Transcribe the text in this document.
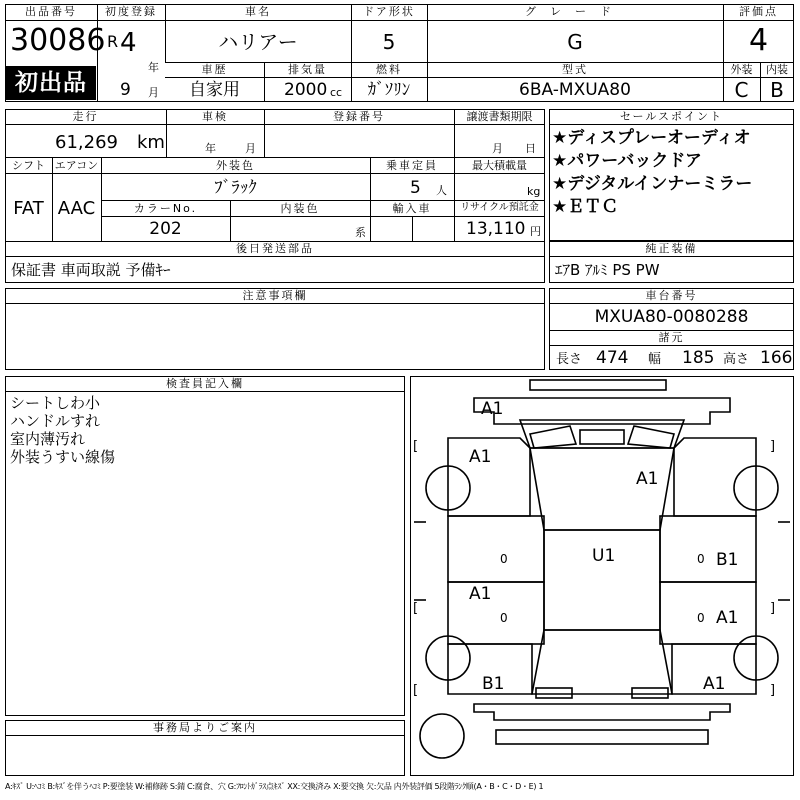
出品番号
30086
初出品
初度登録
R 4
年
9 月
車名
ハリアー
ドア形状
5
グレード
G
評価点
4
車歴
自家用
排気量
2000 cc
燃料
ｶﾞｿﾘﾝ
型式
6BA-MXUA80
外装
C
内装
B
走行
61,269 km
車検
年	月
登録番号	譲渡書類期限
月 日
シフト
FAT
エアコン
AAC
外装色
ﾌﾞﾗｯｸ
乗車定員
5 人
最大積載量
kg
カラーNo.
202
内装色
系
輸入車	リサイクル預託金
13,110 円
後日発送部品
保証書 車両取説 予備ｷｰ
セールスポイント
★ディスプレーオーディオ
★パワーバックドア
★デジタルインナーミラー
★ＥＴＣ
純正装備
ｴｱB ｱﾙﾐ PS PW
注意事項欄	車台番号
MXUA80-0080288
諸元
長さ 474 幅 185 高さ 166
検査員記入欄
シートしわ小
ハンドルすれ
室内薄汚れ
外装うすい線傷
事務局よりご案内
A1
A1
A1
U1	B1
A1
A1
B1	A1
0	0
0	0
[	]
[	]
[	]
A:ｷｽﾞ U:ﾍｺﾐ B:ｷｽﾞを伴うﾍｺﾐ P:要塗装 W:補修跡 S:錆 C:腐食、穴 G:ﾌﾛﾝﾄｶﾞﾗｽ点ｷｽﾞ XX:交換済み X:要交換 欠:欠品 内外装評価 5段階ﾗﾝｸ順(A・B・C・D・E) 1
